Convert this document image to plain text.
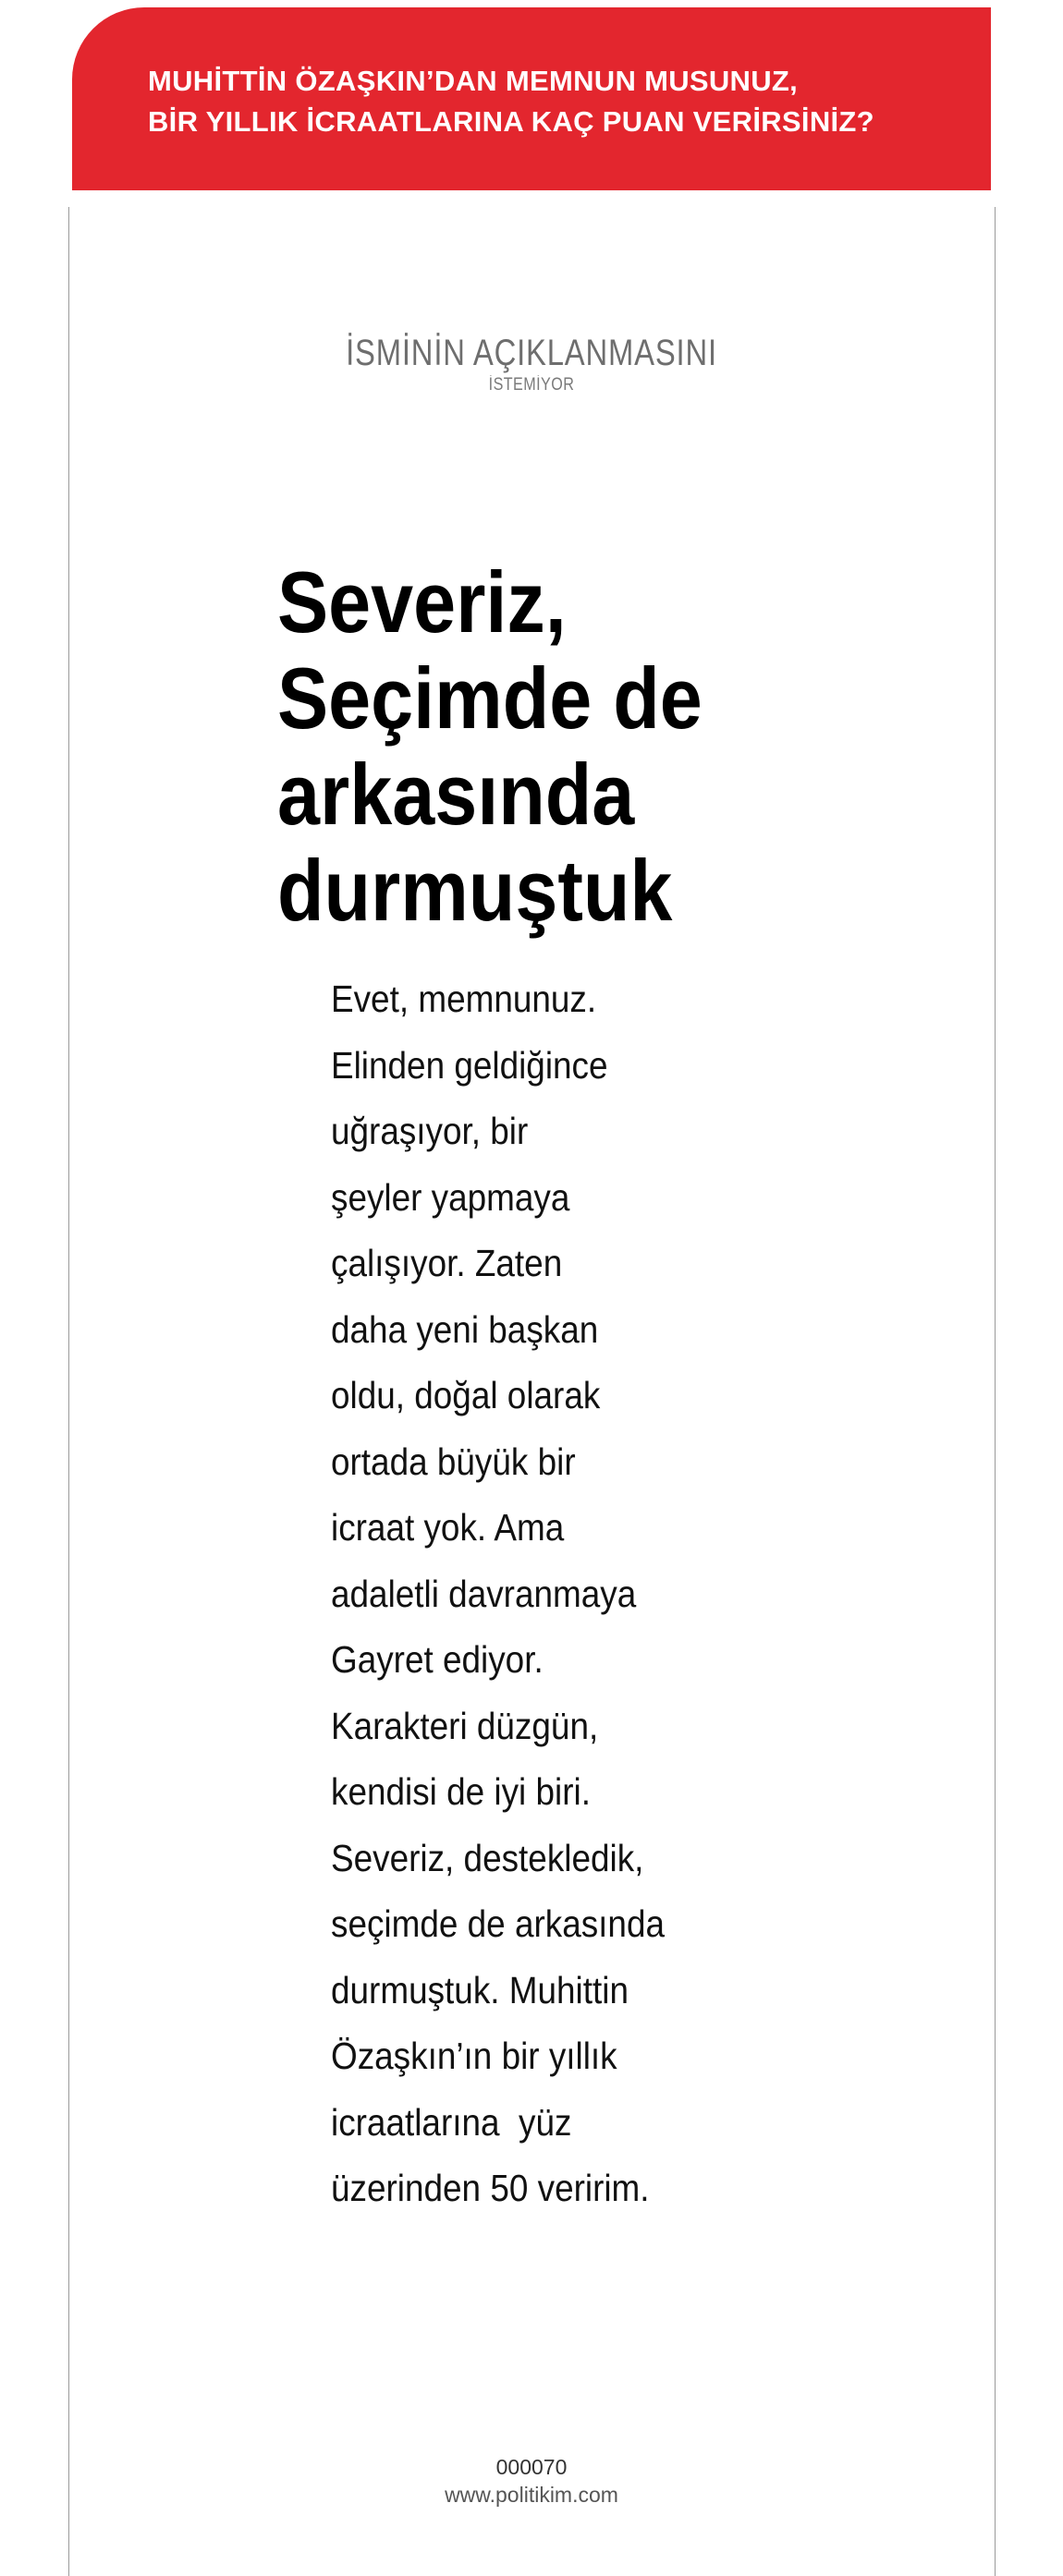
MUHİTTİN ÖZAŞKIN’DAN MEMNUN MUSUNUZ,
BİR YILLIK İCRAATLARINA KAÇ PUAN VERİRSİNİZ?
İSMİNİN AÇIKLANMASINI
İSTEMİYOR
Severiz,
Seçimde de
arkasında
durmuştuk
Evet, memnunuz.
Elinden geldiğince
uğraşıyor, bir
şeyler yapmaya
çalışıyor. Zaten
daha yeni başkan
oldu, doğal olarak
ortada büyük bir
icraat yok. Ama
adaletli davranmaya
Gayret ediyor.
Karakteri düzgün,
kendisi de iyi biri.
Severiz, destekledik,
seçimde de arkasında
durmuştuk. Muhittin
Özaşkın’ın bir yıllık
icraatlarına  yüz
üzerinden 50 veririm.
000070
www.politikim.com
